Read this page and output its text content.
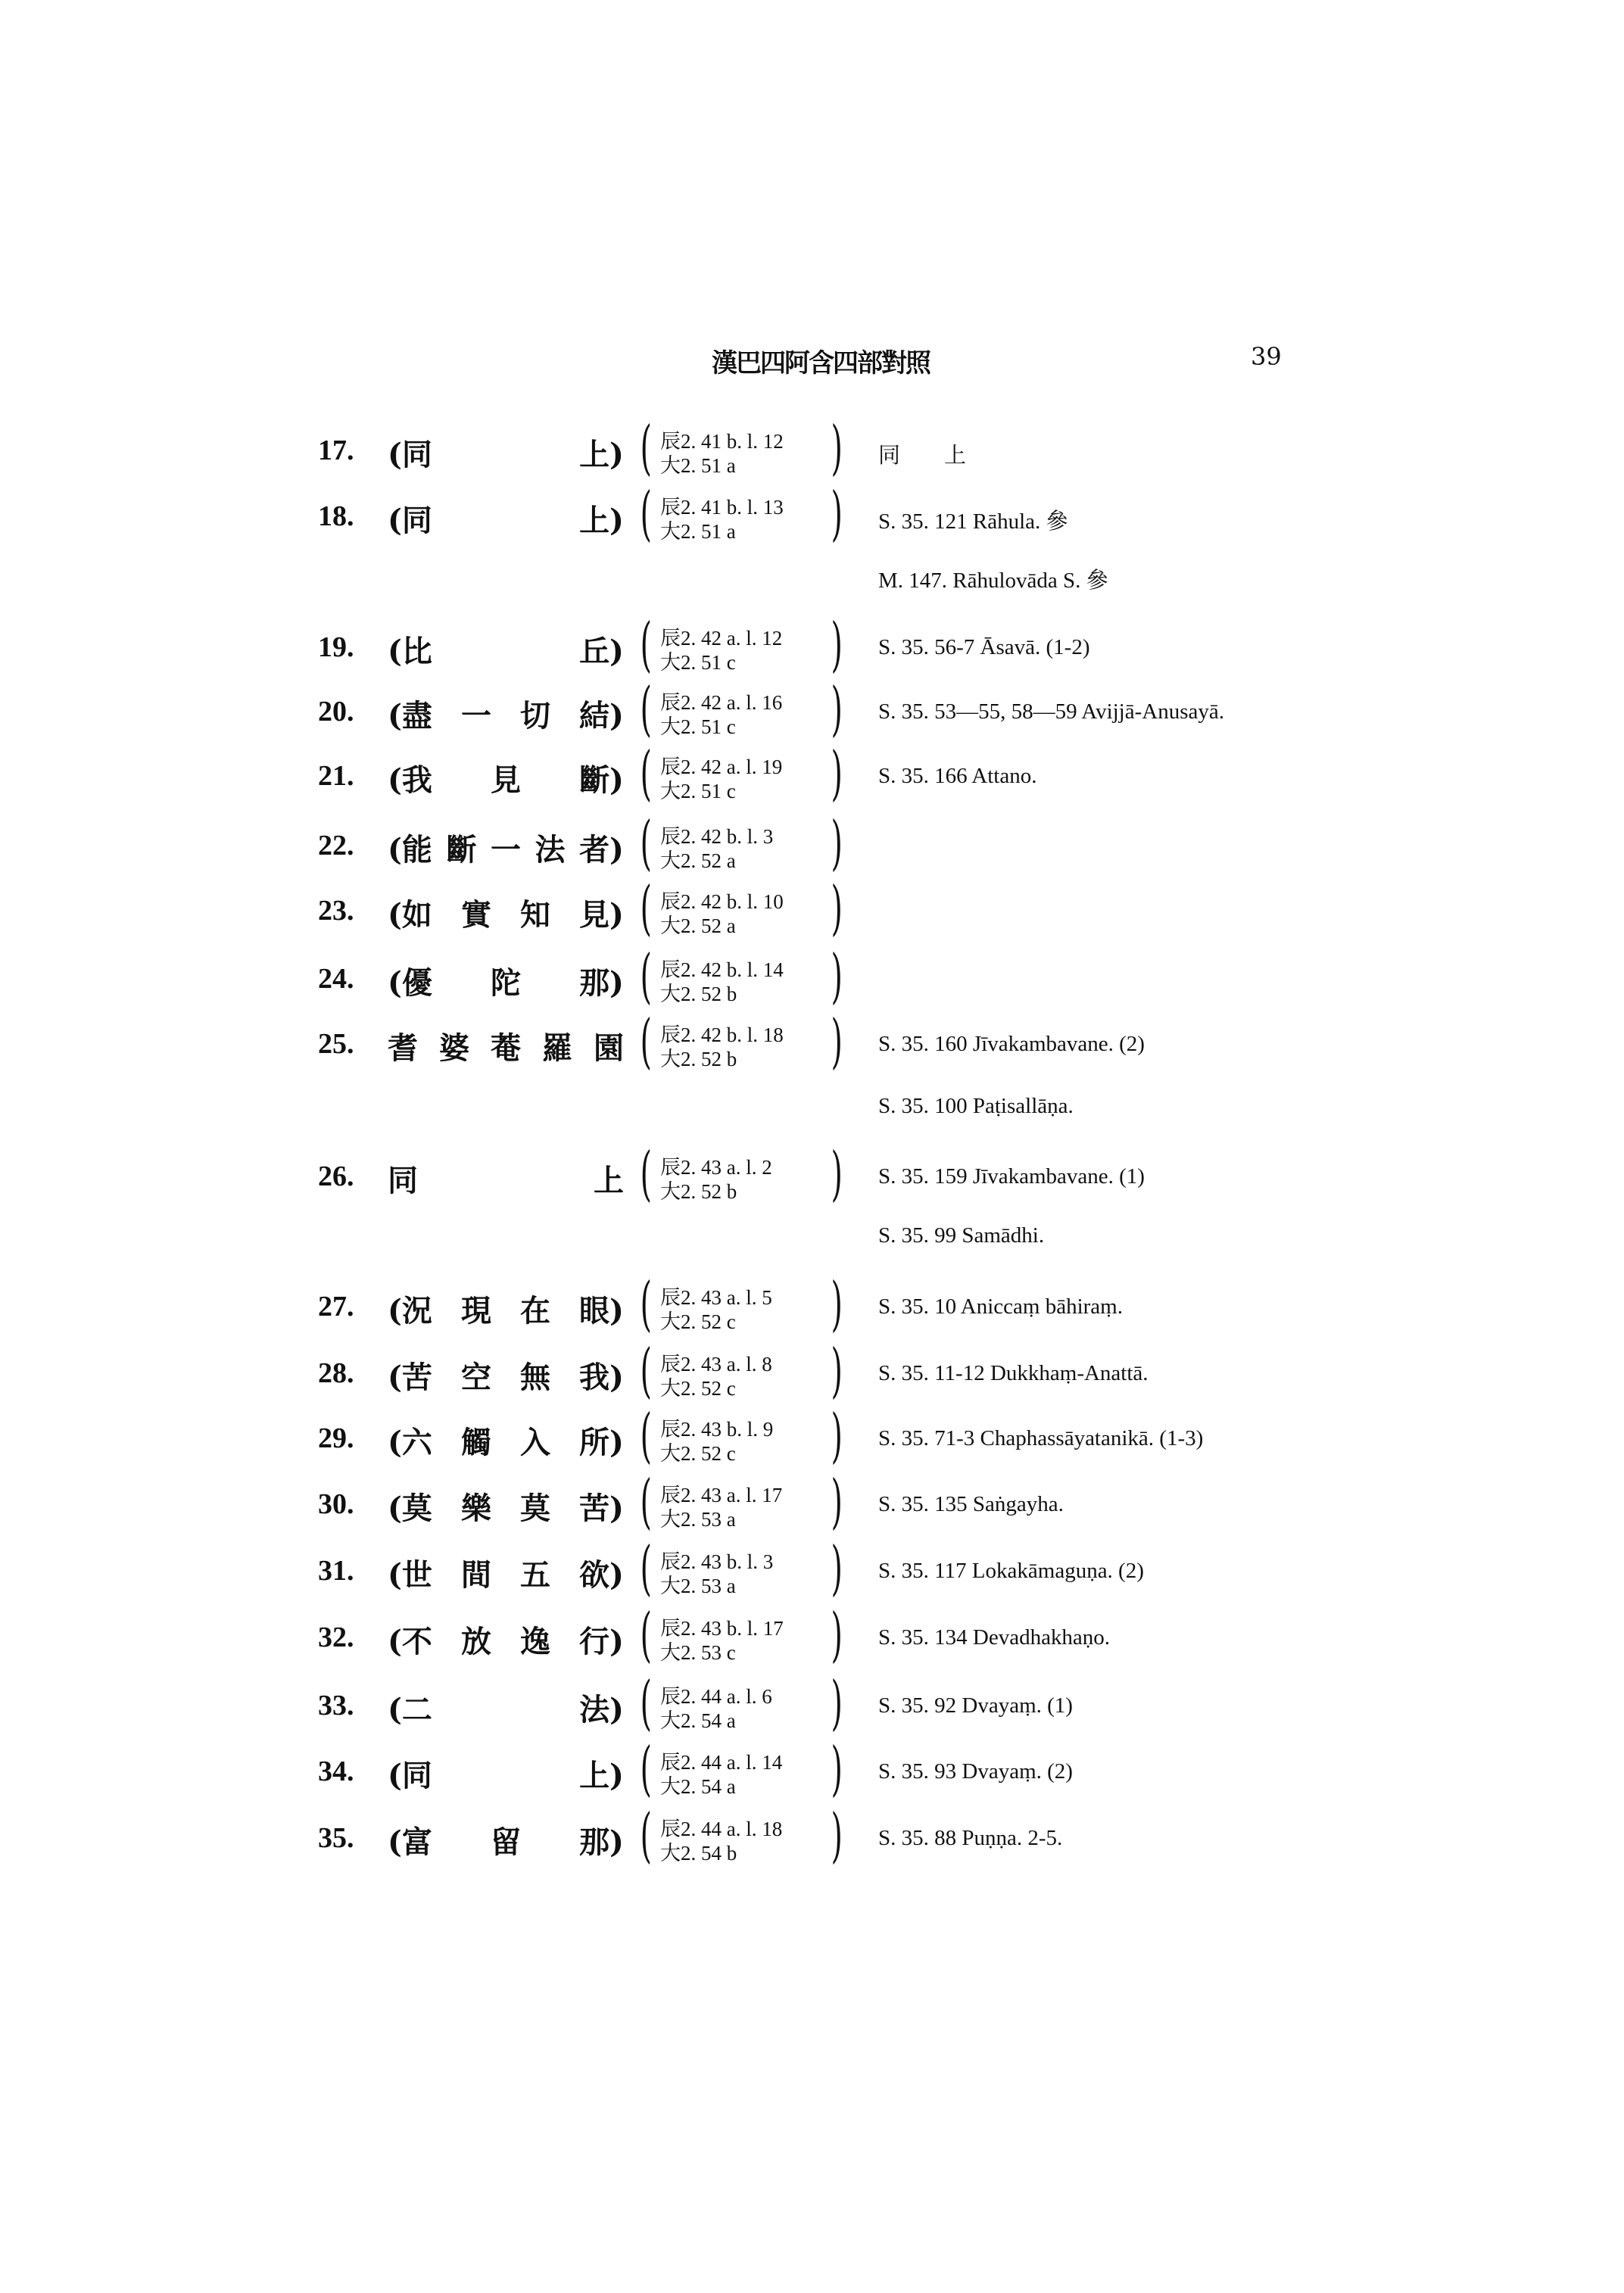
漢巴四阿含四部對照	39
17. (同	上) ( 辰2. 41 b. l. 12
大2. 51 a ) 同　　上
18. (同	上) ( 辰2. 41 b. l. 13
大2. 51 a ) S. 35. 121 Rāhula. 參
M. 147. Rāhulovāda S. 參
19. (比	丘) ( 辰2. 42 a. l. 12
大2. 51 c ) S. 35. 56-7 Āsavā. (1-2)
20. (盡 一 切 結) ( 辰2. 42 a. l. 16
大2. 51 c ) S. 35. 53—55, 58—59 Avijjā-Anusayā.
21. (我 見 斷) ( 辰2. 42 a. l. 19
大2. 51 c ) S. 35. 166 Attano.
22. (能 斷 一 法 者) ( 辰2. 42 b. l. 3
大2. 52 a )
23. (如 實 知 見) ( 辰2. 42 b. l. 10
大2. 52 a )
24. (優 陀 那) ( 辰2. 42 b. l. 14
大2. 52 b )
25. 耆 婆 菴 羅 園 ( 辰2. 42 b. l. 18
大2. 52 b ) S. 35. 160 Jīvakambavane. (2)
S. 35. 100 Paṭisallāṇa.
26. 同	上 ( 辰2. 43 a. l. 2
大2. 52 b ) S. 35. 159 Jīvakambavane. (1)
S. 35. 99 Samādhi.
27. (況 現 在 眼) ( 辰2. 43 a. l. 5
大2. 52 c ) S. 35. 10 Aniccaṃ bāhiraṃ.
28. (苦 空 無 我) ( 辰2. 43 a. l. 8
大2. 52 c ) S. 35. 11-12 Dukkhaṃ-Anattā.
29. (六 觸 入 所) ( 辰2. 43 b. l. 9
大2. 52 c ) S. 35. 71-3 Chaphassāyatanikā. (1-3)
30. (莫 樂 莫 苦) ( 辰2. 43 a. l. 17
大2. 53 a ) S. 35. 135 Saṅgayha.
31. (世 間 五 欲) ( 辰2. 43 b. l. 3
大2. 53 a ) S. 35. 117 Lokakāmaguṇa. (2)
32. (不 放 逸 行) ( 辰2. 43 b. l. 17
大2. 53 c ) S. 35. 134 Devadhakhaṇo.
33. (二	法) ( 辰2. 44 a. l. 6
大2. 54 a ) S. 35. 92 Dvayaṃ. (1)
34. (同	上) ( 辰2. 44 a. l. 14
大2. 54 a ) S. 35. 93 Dvayaṃ. (2)
35. (富 留 那) ( 辰2. 44 a. l. 18
大2. 54 b ) S. 35. 88 Puṇṇa. 2-5.
